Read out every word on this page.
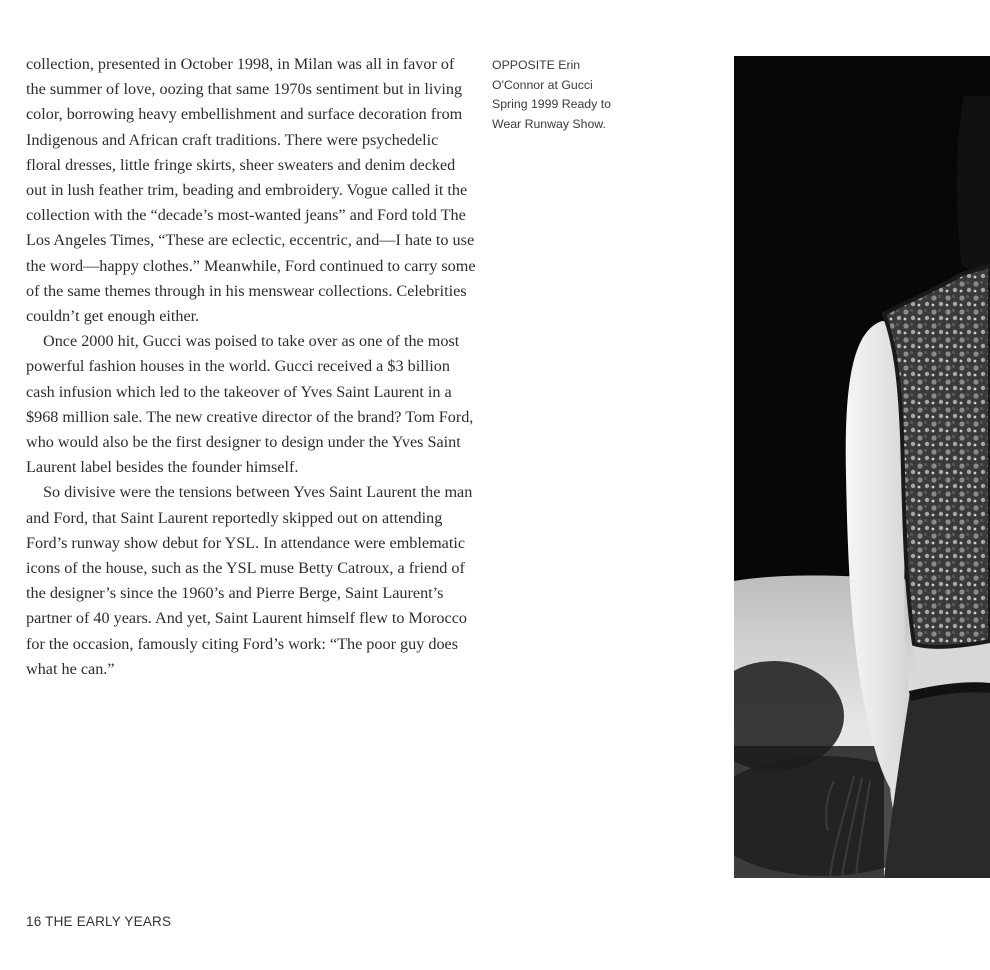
collection, presented in October 1998, in Milan was all in favor of the summer of love, oozing that same 1970s sentiment but in living color, borrowing heavy embellishment and surface decoration from Indigenous and African craft traditions. There were psychedelic floral dresses, little fringe skirts, sheer sweaters and denim decked out in lush feather trim, beading and embroidery. Vogue called it the collection with the “decade’s most-wanted jeans” and Ford told The Los Angeles Times, “These are eclectic, eccentric, and—I hate to use the word—happy clothes.” Meanwhile, Ford continued to carry some of the same themes through in his menswear collections. Celebrities couldn’t get enough either.

Once 2000 hit, Gucci was poised to take over as one of the most powerful fashion houses in the world. Gucci received a $3 billion cash infusion which led to the takeover of Yves Saint Laurent in a $968 million sale. The new creative director of the brand? Tom Ford, who would also be the first designer to design under the Yves Saint Laurent label besides the founder himself.

So divisive were the tensions between Yves Saint Laurent the man and Ford, that Saint Laurent reportedly skipped out on attending Ford’s runway show debut for YSL. In attendance were emblematic icons of the house, such as the YSL muse Betty Catroux, a friend of the designer’s since the 1960’s and Pierre Berge, Saint Laurent’s partner of 40 years. And yet, Saint Laurent himself flew to Morocco for the occasion, famously citing Ford’s work: “The poor guy does what he can.”

OPPOSITE Erin
O'Connor at Gucci
Spring 1999 Ready to
Wear Runway Show.
16 THE EARLY YEARS
